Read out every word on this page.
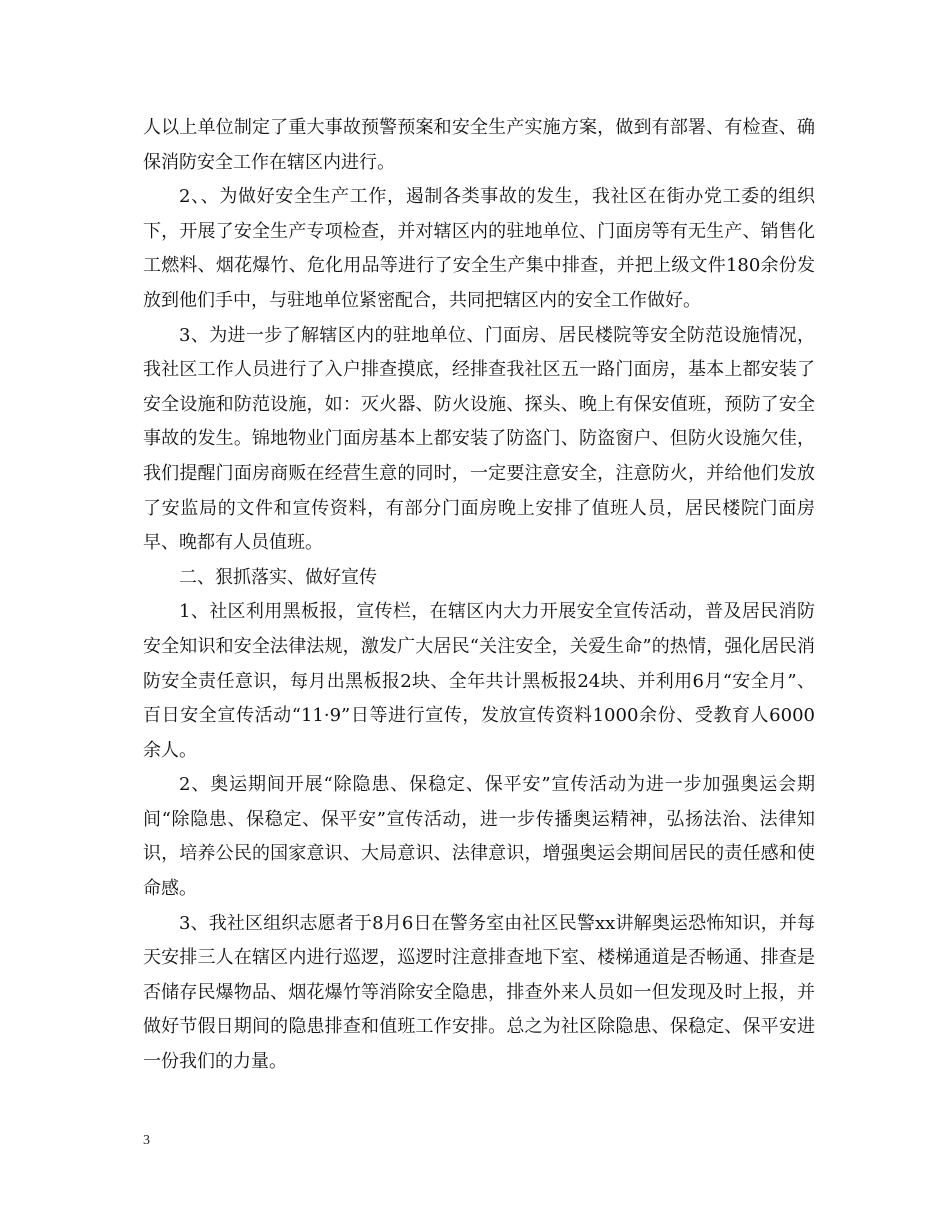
人以上单位制定了重大事故预警预案和安全生产实施方案，做到有部署、有检查、确保消防安全工作在辖区内进行。

2、、为做好安全生产工作，遏制各类事故的发生，我社区在街办党工委的组织下，开展了安全生产专项检查，并对辖区内的驻地单位、门面房等有无生产、销售化工燃料、烟花爆竹、危化用品等进行了安全生产集中排查，并把上级文件180余份发放到他们手中，与驻地单位紧密配合，共同把辖区内的安全工作做好。

3、为进一步了解辖区内的驻地单位、门面房、居民楼院等安全防范设施情况，我社区工作人员进行了入户排查摸底，经排查我社区五一路门面房，基本上都安装了安全设施和防范设施，如：灭火器、防火设施、探头、晚上有保安值班，预防了安全事故的发生。锦地物业门面房基本上都安装了防盗门、防盗窗户、但防火设施欠佳，我们提醒门面房商贩在经营生意的同时，一定要注意安全，注意防火，并给他们发放了安监局的文件和宣传资料，有部分门面房晚上安排了值班人员，居民楼院门面房早、晚都有人员值班。

二、狠抓落实、做好宣传

1、社区利用黑板报，宣传栏，在辖区内大力开展安全宣传活动，普及居民消防安全知识和安全法律法规，激发广大居民“关注安全，关爱生命”的热情，强化居民消防安全责任意识，每月出黑板报2块、全年共计黑板报24块、并利用6月“安全月”、百日安全宣传活动“11·9”日等进行宣传，发放宣传资料1000余份、受教育人6000余人。

2、奥运期间开展“除隐患、保稳定、保平安”宣传活动为进一步加强奥运会期间“除隐患、保稳定、保平安”宣传活动，进一步传播奥运精神，弘扬法治、法律知识，培养公民的国家意识、大局意识、法律意识，增强奥运会期间居民的责任感和使命感。

3、我社区组织志愿者于8月6日在警务室由社区民警xx讲解奥运恐怖知识，并每天安排三人在辖区内进行巡逻，巡逻时注意排查地下室、楼梯通道是否畅通、排查是否储存民爆物品、烟花爆竹等消除安全隐患，排查外来人员如一但发现及时上报，并做好节假日期间的隐患排查和值班工作安排。总之为社区除隐患、保稳定、保平安进一份我们的力量。

3
